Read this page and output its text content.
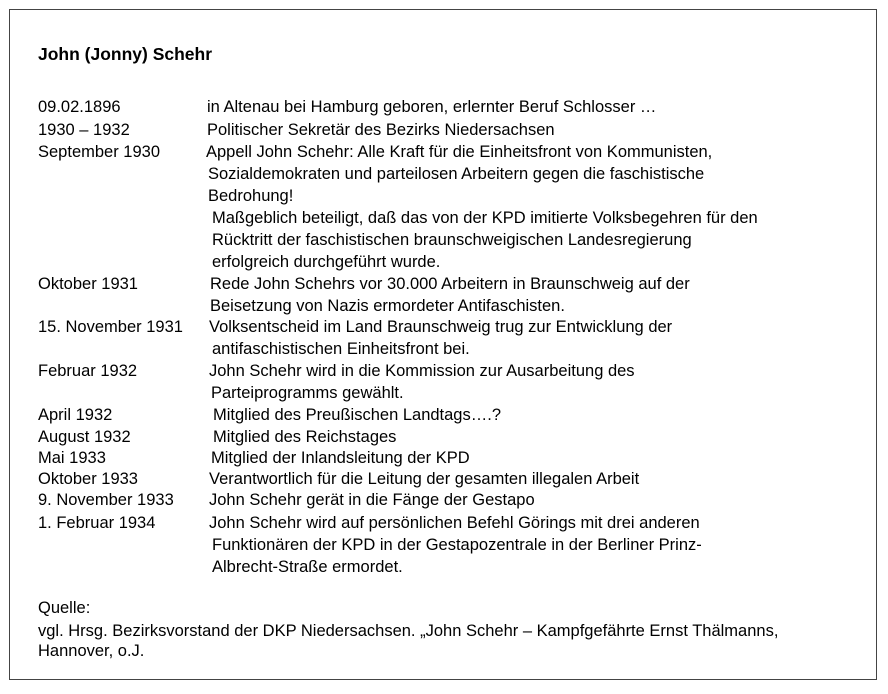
John (Jonny) Schehr
09.02.1896	in Altenau bei Hamburg geboren, erlernter Beruf Schlosser …
1930 – 1932	Politischer Sekretär des Bezirks Niedersachsen
September 1930	Appell John Schehr: Alle Kraft für die Einheitsfront von Kommunisten,
Sozialdemokraten und parteilosen Arbeitern gegen die faschistische
Bedrohung!
Maßgeblich beteiligt, daß das von der KPD imitierte Volksbegehren für den
Rücktritt der faschistischen braunschweigischen Landesregierung
erfolgreich durchgeführt wurde.
Oktober 1931	Rede John Schehrs vor 30.000 Arbeitern in Braunschweig auf der
Beisetzung von Nazis ermordeter Antifaschisten.
15. November 1931 Volksentscheid im Land Braunschweig trug zur Entwicklung der
antifaschistischen Einheitsfront bei.
Februar 1932	John Schehr wird in die Kommission zur Ausarbeitung des
Parteiprogramms gewählt.
April 1932	Mitglied des Preußischen Landtags….?
August 1932	Mitglied des Reichstages
Mai 1933	Mitglied der Inlandsleitung der KPD
Oktober 1933	Verantwortlich für die Leitung der gesamten illegalen Arbeit
9. November 1933 John Schehr gerät in die Fänge der Gestapo
1. Februar 1934	John Schehr wird auf persönlichen Befehl Görings mit drei anderen
Funktionären der KPD in der Gestapozentrale in der Berliner Prinz-
Albrecht-Straße ermordet.
Quelle:
vgl. Hrsg. Bezirksvorstand der DKP Niedersachsen. „John Schehr – Kampfgefährte Ernst Thälmanns,
Hannover, o.J.
